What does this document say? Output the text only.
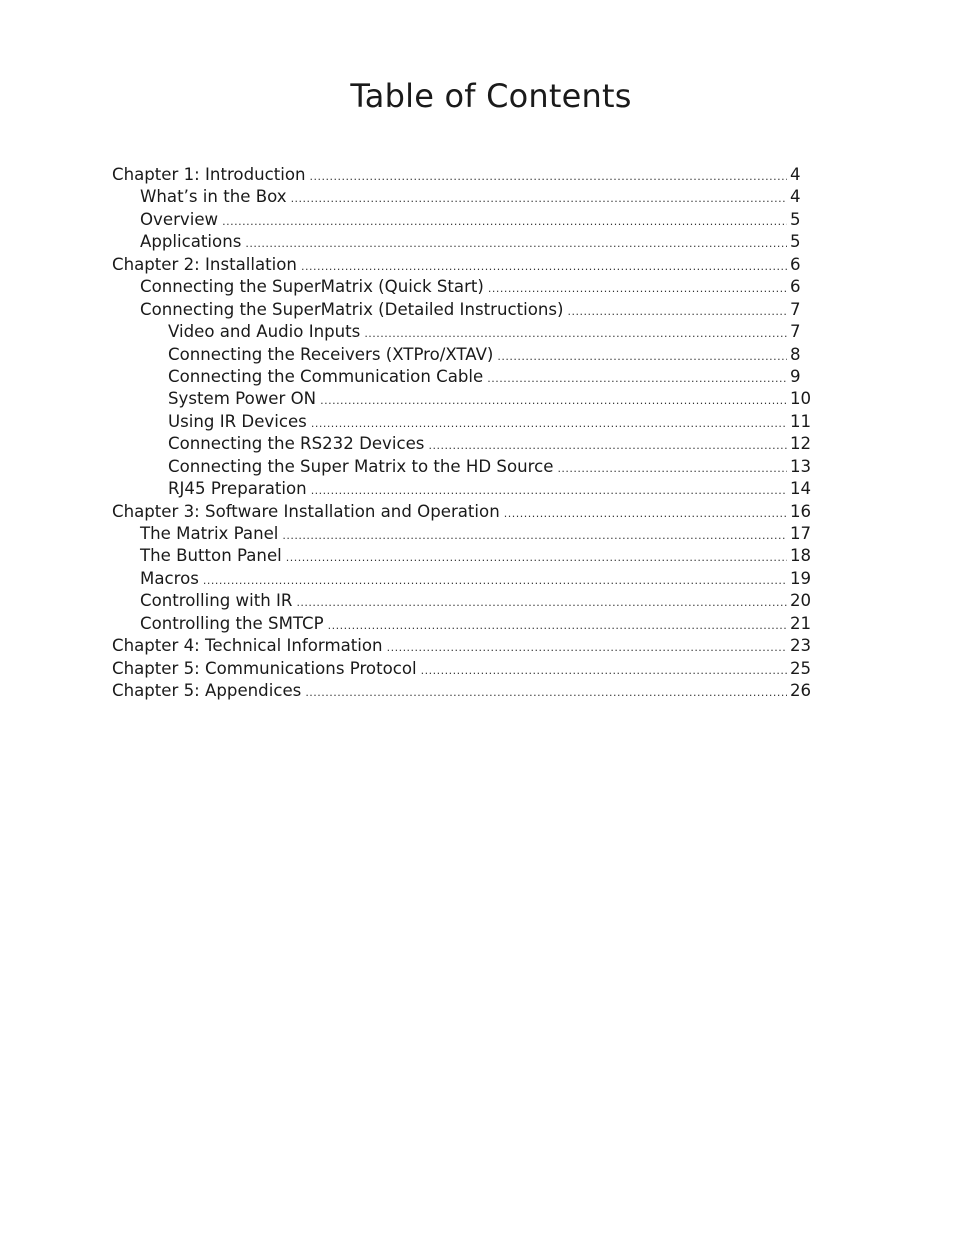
Table of Contents
Chapter 1: Introduction .....	4
What’s in the Box .....	4
Overview .....	5
Applications .....	5
Chapter 2: Installation .....	6
Connecting the SuperMatrix (Quick Start) .....	6
Connecting the SuperMatrix (Detailed Instructions) .....	7
Video and Audio Inputs .....	7
Connecting the Receivers (XTPro/XTAV) .....	8
Connecting the Communication Cable .....	9
System Power ON .....	10
Using IR Devices .....	11
Connecting the RS232 Devices .....	12
Connecting the Super Matrix to the HD Source .....	13
RJ45 Preparation .....	14
Chapter 3: Software Installation and Operation .....	16
The Matrix Panel .....	17
The Button Panel .....	18
Macros .....	19
Controlling with IR .....	20
Controlling the SMTCP .....	21
Chapter 4: Technical Information .....	23
Chapter 5: Communications Protocol .....	25
Chapter 5: Appendices .....	26
